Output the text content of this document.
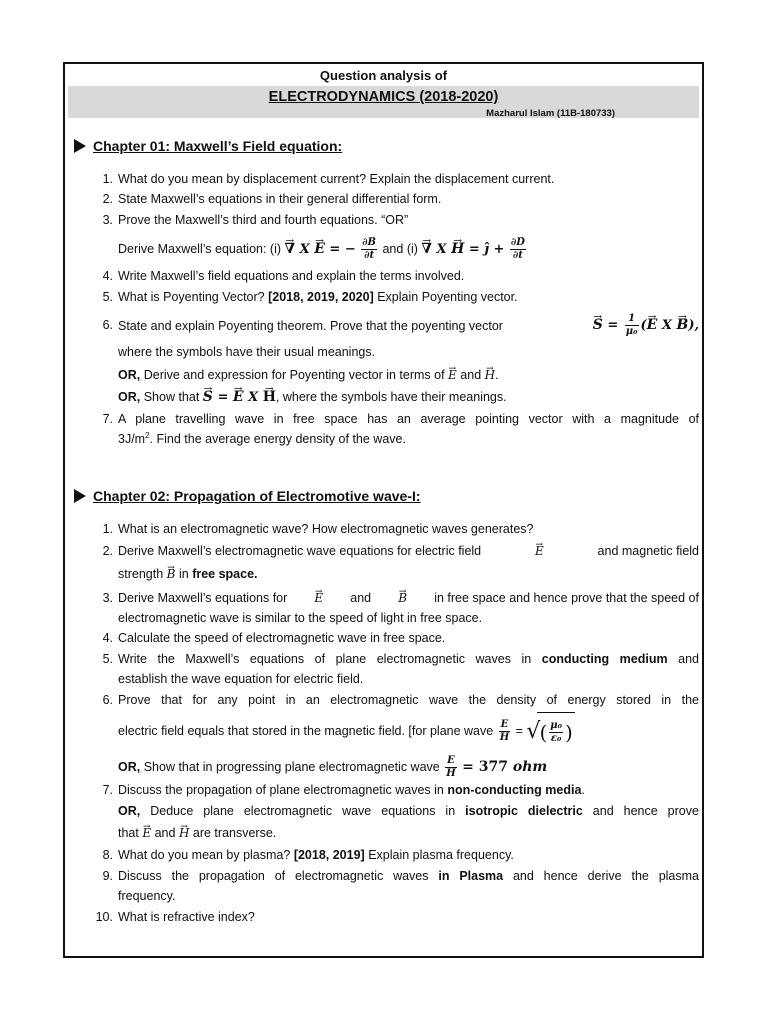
Question analysis of
ELECTRODYNAMICS (2018-2020)
Mazharul Islam (11B-180733)
Chapter 01: Maxwell’s Field equation:
1. What do you mean by displacement current? Explain the displacement current.
2. State Maxwell’s equations in their general differential form.
3. Prove the Maxwell’s third and fourth equations. “OR”
Derive Maxwell’s equation: (i) → ∇ X → E = − $\frac{\partial\to B}{\partial t}$ and (i) → ∇ X → H = ĵ + $\frac{\partial\to D}{\partial t}$
4. Write Maxwell’s field equations and explain the terms involved.
5. What is Poyenting Vector? [2018, 2019, 2020] Explain Poyenting vector.
6. State and explain Poyenting theorem. Prove that the poyenting vector	→ $S = \frac{1}{\text{μ₀}}$ (→ E X → B),
where the symbols have their usual meanings.
OR, Derive and expression for Poyenting vector in terms of → E and → H.
OR, Show that → S = → E X → H, where the symbols have their meanings.
7. A plane travelling wave in free space has an average pointing vector with a magnitude of
$3J/m^2$. Find the average energy density of the wave.
Chapter 02: Propagation of Electromotive wave-I:
1. What is an electromagnetic wave? How electromagnetic waves generates?
2. Derive Maxwell’s electromagnetic wave equations for electric field	→ E	and magnetic field
strength → B in free space.
3. Derive Maxwell’s equations for → E and → B in free space and hence prove that the speed of
electromagnetic wave is similar to the speed of light in free space.
4. Calculate the speed of electromagnetic wave in free space.
5. Write the Maxwell’s equations of plane electromagnetic waves in conducting medium and
establish the wave equation for electric field.
6. Prove that for any point in an electromagnetic wave the density of energy stored in the
electric field equals that stored in the magnetic field. [for plane wave $\frac{E}{H}$ = √( $\frac{\text{μ₀}}{\text{ε₀}}$ )
OR, Show that in progressing plane electromagnetic wave $\frac{E}{H} = 377$ ohm
7. Discuss the propagation of plane electromagnetic waves in non-conducting media.
OR, Deduce plane electromagnetic wave equations in isotropic dielectric and hence prove
that → E and → H are transverse.
8. What do you mean by plasma? [2018, 2019] Explain plasma frequency.
9. Discuss the propagation of electromagnetic waves in Plasma and hence derive the plasma
frequency.
10. What is refractive index?
